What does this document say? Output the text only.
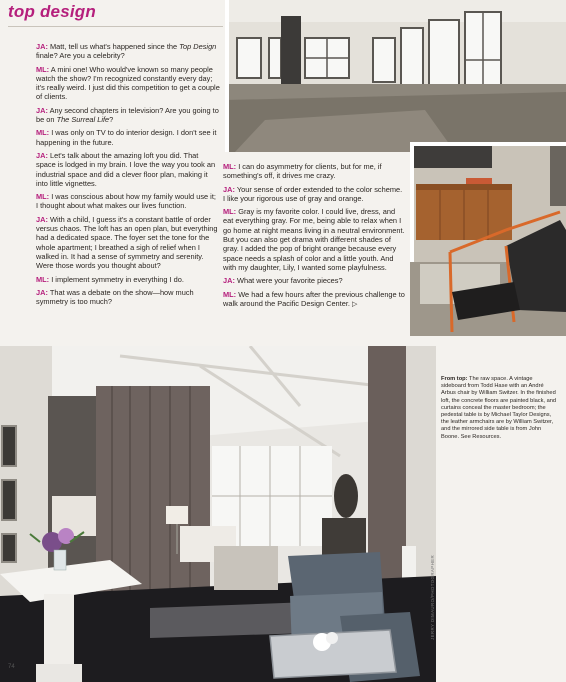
top design

JA: Matt, tell us what's happened since the Top Design finale? Are you a celebrity?

ML: A mini one! Who would've known so many people watch the show? I'm recognized constantly every day; it's really weird. I just did this competition to get a couple of clients.

JA: Any second chapters in television? Are you going to be on The Surreal Life?

ML: I was only on TV to do interior design. I don't see it happening in the future.

JA: Let's talk about the amazing loft you did. That space is lodged in my brain. I love the way you took an industrial space and did a clever floor plan, making it into little vignettes.

ML: I was conscious about how my family would use it; I thought about what makes our lives function.

JA: With a child, I guess it's a constant battle of order versus chaos. The loft has an open plan, but everything had a dedicated space. The foyer set the tone for the whole apartment; I breathed a sigh of relief when I walked in. It had a sense of symmetry and serenity. Were those words you thought about?

ML: I implement symmetry in everything I do.

JA: That was a debate on the show—how much symmetry is too much?

ML: I can do asymmetry for clients, but for me, if something's off, it drives me crazy.

JA: Your sense of order extended to the color scheme. I like your rigorous use of gray and orange.

ML: Gray is my favorite color. I could live, dress, and eat everything gray. For me, being able to relax when I go home at night means living in a neutral environment. But you can also get drama with different shades of gray. I added the pop of bright orange because every space needs a splash of color and a little youth. And with my daughter, Lily, I wanted some playfulness.

JA: What were your favorite pieces?

ML: We had a few hours after the previous challenge to walk around the Pacific Design Center. ▷

From top: The raw space. A vintage sideboard from Todd Hase with an André Arbus chair by William Switzer. In the finished loft, the concrete floors are painted black, and curtains conceal the master bedroom; the pedestal table is by Michael Taylor Designs, the leather armchairs are by William Switzer, and the mirrored side table is from John Boone. See Resources.
JERRY DIMAURO/PHOTOGRAPHER
74
